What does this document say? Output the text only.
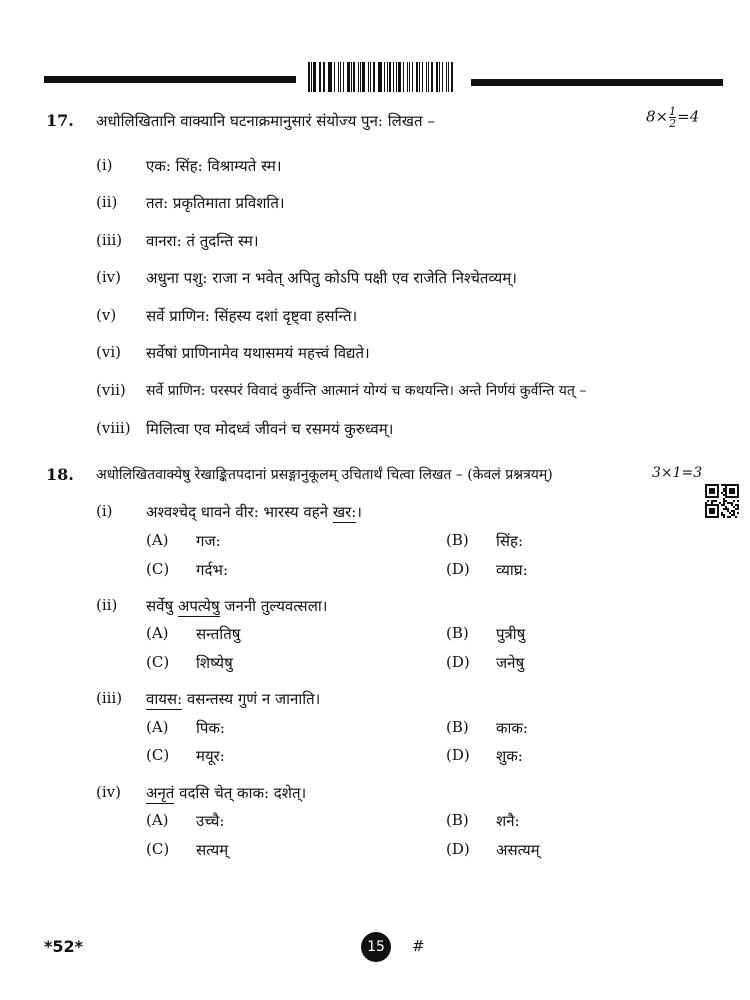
17. अधोलिखितानि वाक्यानि घटनाक्रमानुसारं संयोज्य पुन: लिखत –	$8\times \frac{1}{2} =4$
(i) एक: सिंह: विश्राम्यते स्म।
(ii) तत: प्रकृतिमाता प्रविशति।
(iii) वानरा: तं तुदन्ति स्म।
(iv) अधुना पशु: राजा न भवेत् अपितु कोऽपि पक्षी एव राजेति निश्चेतव्यम्।
(v) सर्वे प्राणिन: सिंहस्य दशां दृष्ट्वा हसन्ति।
(vi) सर्वेषां प्राणिनामेव यथासमयं महत्त्वं विद्यते।
(vii) सर्वे प्राणिन: परस्परं विवादं कुर्वन्ति आत्मानं योग्यं च कथयन्ति। अन्ते निर्णयं कुर्वन्ति यत् –
(viii) मिलित्वा एव मोदध्वं जीवनं च रसमयं कुरुध्वम्।
18. अधोलिखितवाक्येषु रेखाङ्कितपदानां प्रसङ्गानुकूलम् उचितार्थं चित्वा लिखत – (केवलं प्रश्नत्रयम्)	3×1=3
(i) अश्वश्चेद् धावने वीर: भारस्य वहने खर:।
(A) गज:	(B) सिंह:
(C) गर्दभ:	(D) व्याघ्र:
(ii) सर्वेषु अपत्येषु जननी तुल्यवत्सला।
(A) सन्ततिषु	(B) पुत्रीषु
(C) शिष्येषु	(D) जनेषु
(iii) वायस: वसन्तस्य गुणं न जानाति।
(A) पिक:	(B) काक:
(C) मयूर:	(D) शुक:
(iv) अनृतं वदसि चेत् काक: दशेत्।
(A) उच्चै:	(B) शनै:
(C) सत्यम्	(D) असत्यम्
*52*	15	#
